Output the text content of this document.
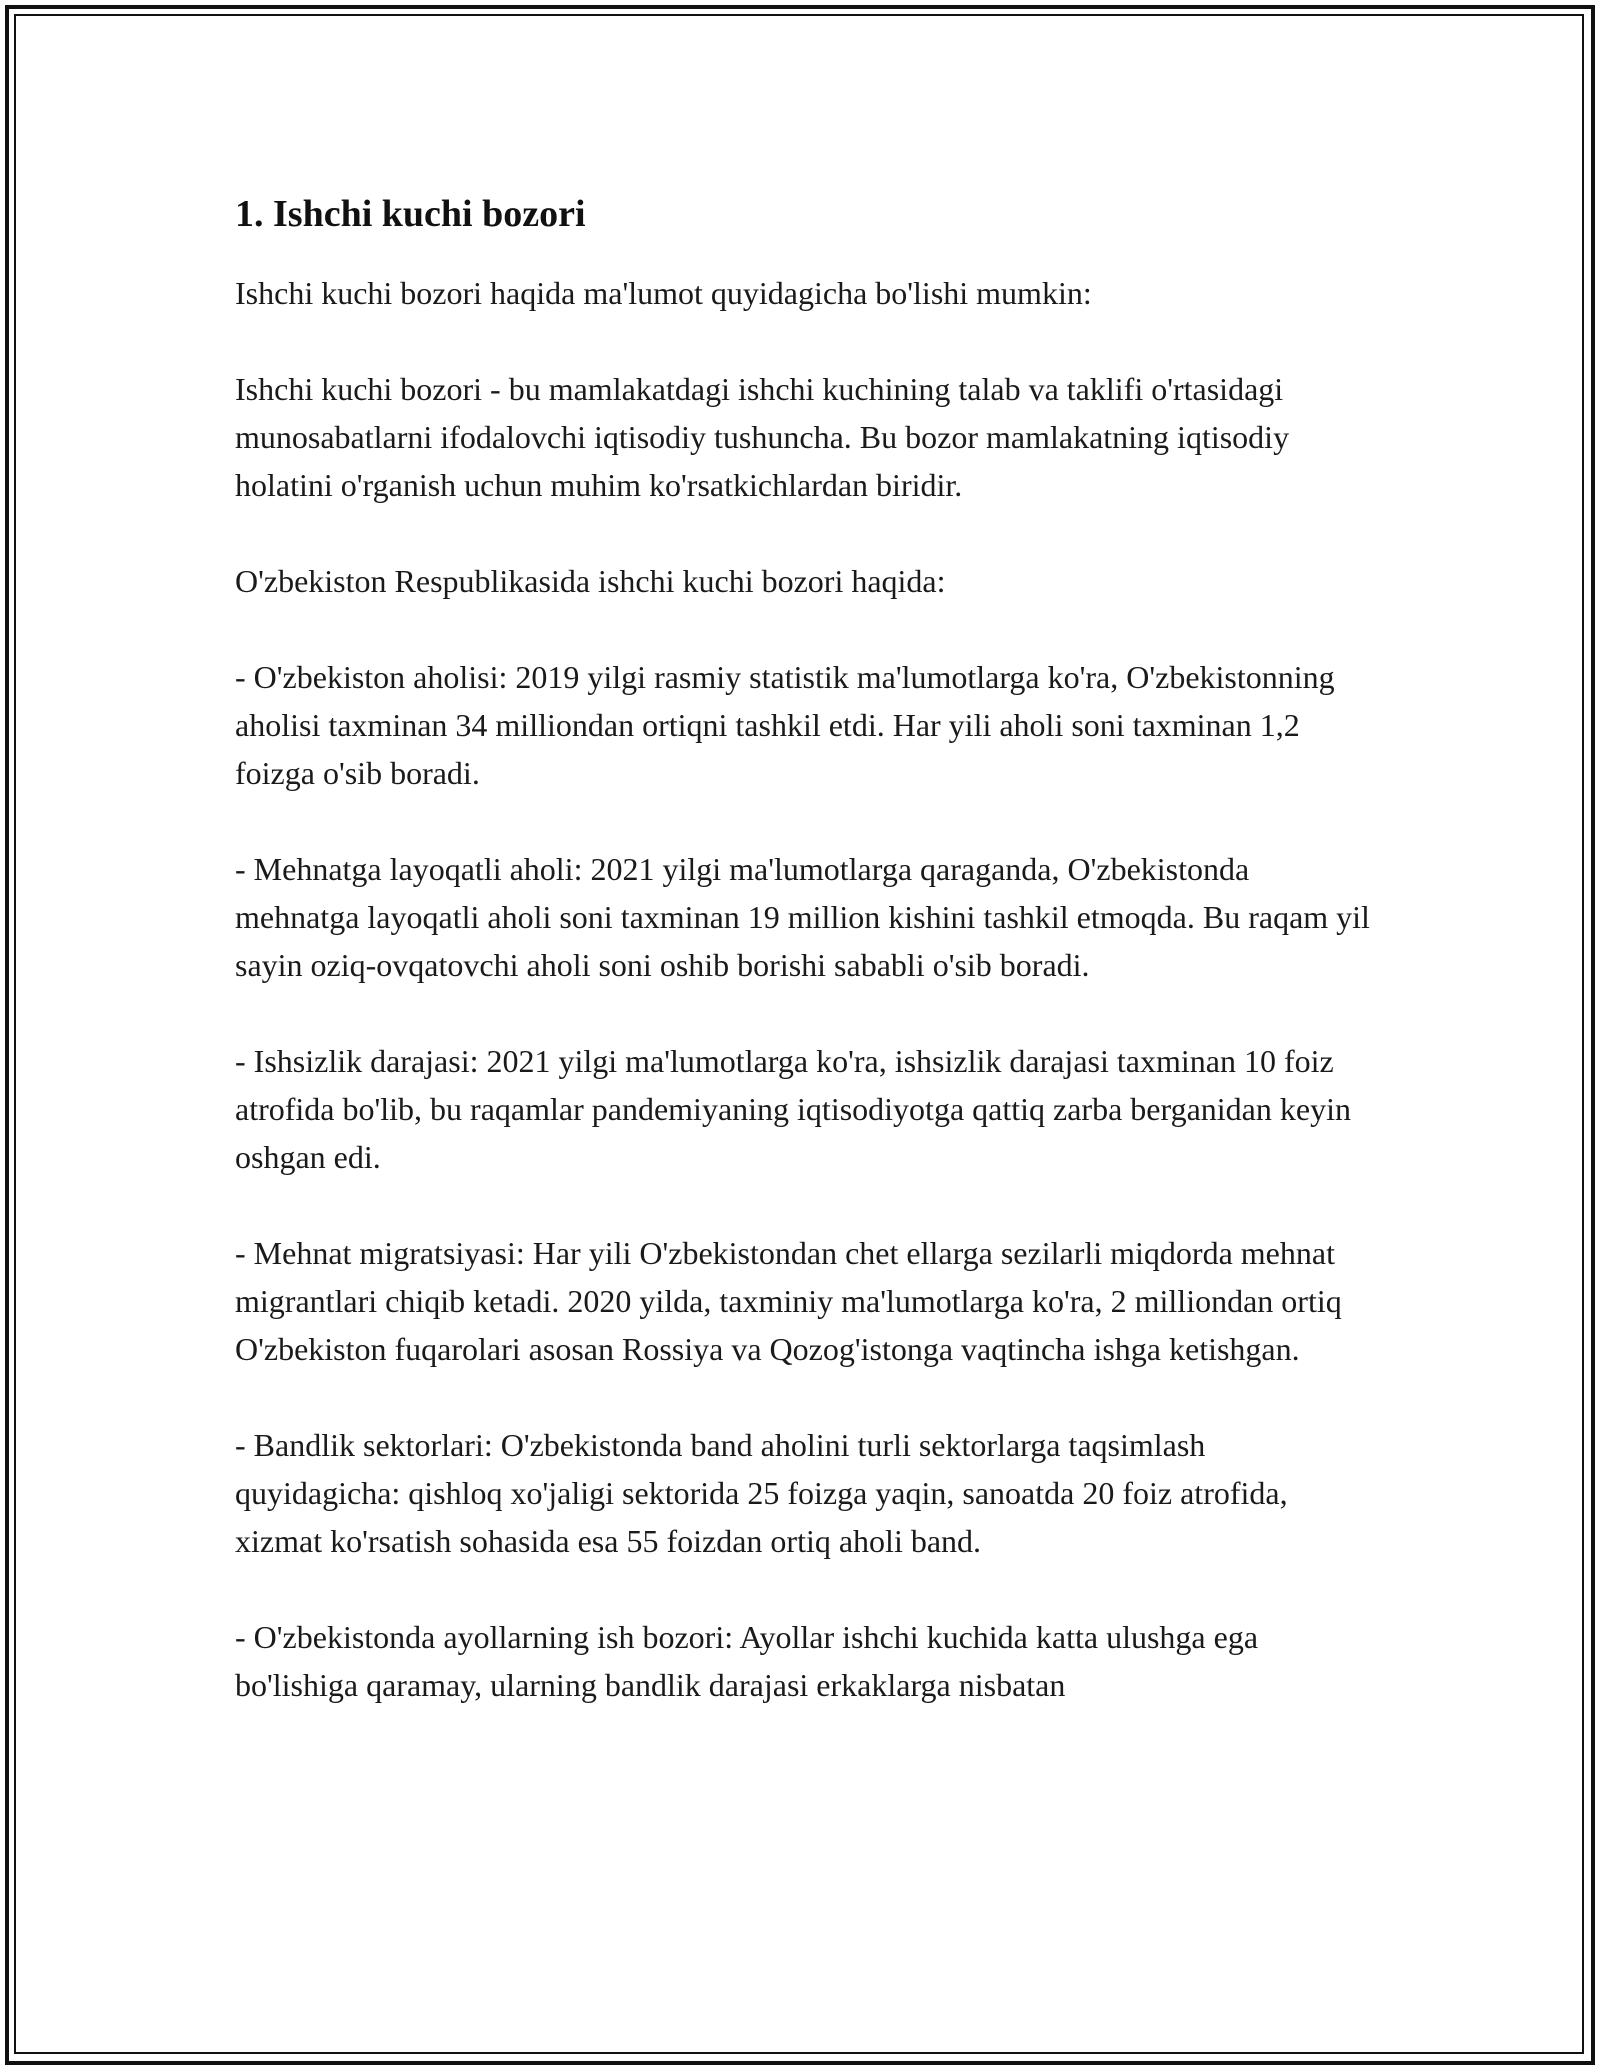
1. Ishchi kuchi bozori

Ishchi kuchi bozori haqida ma'lumot quyidagicha bo'lishi mumkin:

Ishchi kuchi bozori - bu mamlakatdagi ishchi kuchining talab va taklifi o'rtasidagi munosabatlarni ifodalovchi iqtisodiy tushuncha. Bu bozor mamlakatning iqtisodiy holatini o'rganish uchun muhim ko'rsatkichlardan biridir.

O'zbekiston Respublikasida ishchi kuchi bozori haqida:

- O'zbekiston aholisi: 2019 yilgi rasmiy statistik ma'lumotlarga ko'ra, O'zbekistonning aholisi taxminan 34 milliondan ortiqni tashkil etdi. Har yili aholi soni taxminan 1,2 foizga o'sib boradi.

- Mehnatga layoqatli aholi: 2021 yilgi ma'lumotlarga qaraganda, O'zbekistonda mehnatga layoqatli aholi soni taxminan 19 million kishini tashkil etmoqda. Bu raqam yil sayin oziq-ovqatovchi aholi soni oshib borishi sababli o'sib boradi.

- Ishsizlik darajasi: 2021 yilgi ma'lumotlarga ko'ra, ishsizlik darajasi taxminan 10 foiz atrofida bo'lib, bu raqamlar pandemiyaning iqtisodiyotga qattiq zarba berganidan keyin oshgan edi.

- Mehnat migratsiyasi: Har yili O'zbekistondan chet ellarga sezilarli miqdorda mehnat migrantlari chiqib ketadi. 2020 yilda, taxminiy ma'lumotlarga ko'ra, 2 milliondan ortiq O'zbekiston fuqarolari asosan Rossiya va Qozog'istonga vaqtincha ishga ketishgan.

- Bandlik sektorlari: O'zbekistonda band aholini turli sektorlarga taqsimlash quyidagicha: qishloq xo'jaligi sektorida 25 foizga yaqin, sanoatda 20 foiz atrofida, xizmat ko'rsatish sohasida esa 55 foizdan ortiq aholi band.

- O'zbekistonda ayollarning ish bozori: Ayollar ishchi kuchida katta ulushga ega bo'lishiga qaramay, ularning bandlik darajasi erkaklarga nisbatan
